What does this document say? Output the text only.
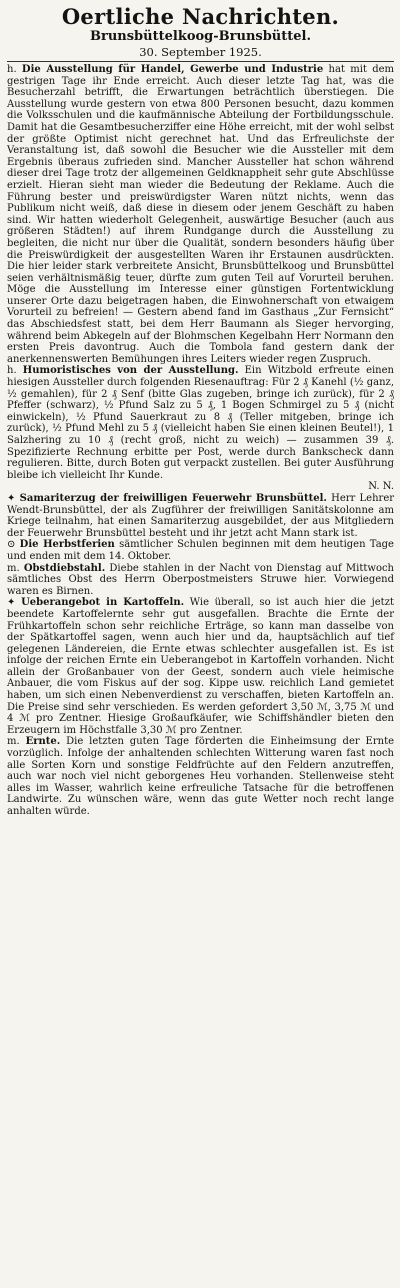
Oertliche Nachrichten.
Brunsbüttelkoog-Brunsbüttel.
30. September 1925.

h. Die Ausstellung für Handel, Gewerbe und Industrie hat mit dem gestrigen Tage ihr Ende erreicht. Auch dieser letzte Tag hat, was die Besucherzahl betrifft, die Erwartungen beträchtlich überstiegen. Die Ausstellung wurde gestern von etwa 800 Personen besucht, dazu kommen die Volksschulen und die kaufmännische Abteilung der Fortbildungsschule. Damit hat die Gesamtbesucherziffer eine Höhe erreicht, mit der wohl selbst der größte Optimist nicht gerechnet hat. Und das Erfreulichste der Veranstaltung ist, daß sowohl die Besucher wie die Aussteller mit dem Ergebnis überaus zufrieden sind. Mancher Aussteller hat schon während dieser drei Tage trotz der allgemeinen Geldknappheit sehr gute Abschlüsse erzielt. Hieran sieht man wieder die Bedeutung der Reklame. Auch die Führung bester und preiswürdigster Waren nützt nichts, wenn das Publikum nicht weiß, daß diese in diesem oder jenem Geschäft zu haben sind. Wir hatten wiederholt Gelegenheit, auswärtige Besucher (auch aus größeren Städten!) auf ihrem Rundgange durch die Ausstellung zu begleiten, die nicht nur über die Qualität, sondern besonders häufig über die Preiswürdigkeit der ausgestellten Waren ihr Erstaunen ausdrückten. Die hier leider stark verbreitete Ansicht, Brunsbüttelkoog und Brunsbüttel seien verhältnismäßig teuer, dürfte zum guten Teil auf Vorurteil beruhen. Möge die Ausstellung im Interesse einer günstigen Fortentwicklung unserer Orte dazu beigetragen haben, die Einwohnerschaft von etwaigem Vorurteil zu befreien! — Gestern abend fand im Gasthaus „Zur Fernsicht“ das Abschiedsfest statt, bei dem Herr Baumann als Sieger hervorging, während beim Abkegeln auf der Blohmschen Kegelbahn Herr Normann den ersten Preis davontrug. Auch die Tombola fand gestern dank der anerkennenswerten Bemühungen ihres Leiters wieder regen Zuspruch.

h. Humoristisches von der Ausstellung. Ein Witzbold erfreute einen hiesigen Aussteller durch folgenden Riesenauftrag: Für 2 ₰ Kanehl (½ ganz, ½ gemahlen), für 2 ₰ Senf (bitte Glas zugeben, bringe ich zurück), für 2 ₰ Pfeffer (schwarz), ½ Pfund Salz zu 5 ₰, 1 Bogen Schmirgel zu 5 ₰ (nicht einwickeln), ½ Pfund Sauerkraut zu 8 ₰ (Teller mitgeben, bringe ich zurück), ½ Pfund Mehl zu 5 ₰ (vielleicht haben Sie einen kleinen Beutel!), 1 Salzhering zu 10 ₰ (recht groß, nicht zu weich) — zusammen 39 ₰. Spezifizierte Rechnung erbitte per Post, werde durch Bankscheck dann regulieren. Bitte, durch Boten gut verpackt zustellen. Bei guter Ausführung bleibe ich vielleicht Ihr Kunde.
N. N.

✦ Samariterzug der freiwilligen Feuerwehr Brunsbüttel. Herr Lehrer Wendt-Brunsbüttel, der als Zugführer der freiwilligen Sanitätskolonne am Kriege teilnahm, hat einen Samariterzug ausgebildet, der aus Mitgliedern der Feuerwehr Brunsbüttel besteht und ihr jetzt acht Mann stark ist.

⊙ Die Herbstferien sämtlicher Schulen beginnen mit dem heutigen Tage und enden mit dem 14. Oktober.

m. Obstdiebstahl. Diebe stahlen in der Nacht von Dienstag auf Mittwoch sämtliches Obst des Herrn Oberpostmeisters Struwe hier. Vorwiegend waren es Birnen.

✦ Ueberangebot in Kartoffeln. Wie überall, so ist auch hier die jetzt beendete Kartoffelernte sehr gut ausgefallen. Brachte die Ernte der Frühkartoffeln schon sehr reichliche Erträge, so kann man dasselbe von der Spätkartoffel sagen, wenn auch hier und da, hauptsächlich auf tief gelegenen Ländereien, die Ernte etwas schlechter ausgefallen ist. Es ist infolge der reichen Ernte ein Ueberangebot in Kartoffeln vorhanden. Nicht allein der Großanbauer von der Geest, sondern auch viele heimische Anbauer, die vom Fiskus auf der sog. Kippe usw. reichlich Land gemietet haben, um sich einen Nebenverdienst zu verschaffen, bieten Kartoffeln an. Die Preise sind sehr verschieden. Es werden gefordert 3,50 ℳ, 3,75 ℳ und 4 ℳ pro Zentner. Hiesige Großaufkäufer, wie Schiffshändler bieten den Erzeugern im Höchstfalle 3,30 ℳ pro Zentner.

m. Ernte. Die letzten guten Tage förderten die Einheimsung der Ernte vorzüglich. Infolge der anhaltenden schlechten Witterung waren fast noch alle Sorten Korn und sonstige Feldfrüchte auf den Feldern anzutreffen, auch war noch viel nicht geborgenes Heu vorhanden. Stellenweise steht alles im Wasser, wahrlich keine erfreuliche Tatsache für die betroffenen Landwirte. Zu wünschen wäre, wenn das gute Wetter noch recht lange anhalten würde.
